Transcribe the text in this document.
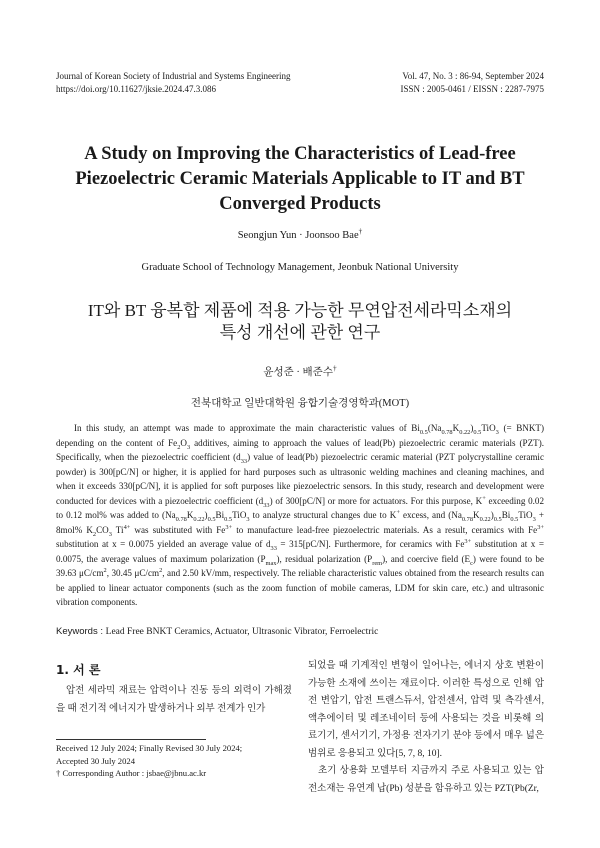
Journal of Korean Society of Industrial and Systems Engineering
https://doi.org/10.11627/jksie.2024.47.3.086
Vol. 47, No. 3 : 86-94, September 2024
ISSN : 2005-0461 / EISSN : 2287-7975
A Study on Improving the Characteristics of Lead-free
Piezoelectric Ceramic Materials Applicable to IT and BT
Converged Products
Seongjun Yun · Joonsoo Bae†
Graduate School of Technology Management, Jeonbuk National University
IT와 BT 융복합 제품에 적용 가능한 무연압전세라믹소재의
특성 개선에 관한 연구
윤성준 · 배준수†
전북대학교 일반대학원 융합기술경영학과(MOT)

In this study, an attempt was made to approximate the main characteristic values of $Bi_{0.5}(Na_{0.78}K_{0.22})_{0.5}TiO_3$ (= BNKT) depending on the content of $Fe_2O_3$ additives, aiming to approach the values of lead(Pb) piezoelectric ceramic materials (PZT). Specifically, when the piezoelectric coefficient $(d_{33})$ value of lead(Pb) piezoelectric ceramic material (PZT polycrystalline ceramic powder) is 300[pC/N] or higher, it is applied for hard purposes such as ultrasonic welding machines and cleaning machines, and when it exceeds 330[pC/N], it is applied for soft purposes like piezoelectric sensors. In this study, research and development were conducted for devices with a piezoelectric coefficient $(d_{33})$ of 300[pC/N] or more for actuators. For this purpose, K+ exceeding 0.02 to 0.12 mol% was added to $(Na_{0.78}K_{0.22})_{0.5}Bi_{0.5}TiO_3$ to analyze structural changes due to K+ excess, and $(Na_{0.78}K_{0.22})_{0.5}Bi_{0.5}TiO_3 + 8mol\%$ $K_2CO_3$ $Ti^{4+}$ was substituted with $Fe^{3+}$ to manufacture lead-free piezoelectric materials. As a result, ceramics with $Fe^{3+}$ substitution at x = 0.0075 yielded an average value of $d_{33} = 315[pC/N]$. Furthermore, for ceramics with $Fe^{3+}$ substitution at x = 0.0075, the average values of maximum polarization $(P_{max})$, residual polarization $(P_{rem})$, and coercive field $(E_c)$ were found to be 39.63 $\mu C/cm^2$, 30.45 $\mu C/cm^2$, and 2.50 kV/mm, respectively. The reliable characteristic values obtained from the research results can be applied to linear actuator components (such as the zoom function of mobile cameras, LDM for skin care, etc.) and ultrasonic vibration components.

Keywords : Lead Free BNKT Ceramics, Actuator, Ultrasonic Vibrator, Ferroelectric
1. 서 론

압전 세라믹 재료는 압력이나 진동 등의 외력이 가해졌을 때 전기적 에너지가 발생하거나 외부 전계가 인가

Received 12 July 2024; Finally Revised 30 July 2024;
Accepted 30 July 2024
† Corresponding Author : jsbae@jbnu.ac.kr

되었을 때 기계적인 변형이 일어나는, 에너지 상호 변환이 가능한 소재에 쓰이는 재료이다. 이러한 특성으로 인해 압전 변압기, 압전 트랜스듀서, 압전센서, 압력 및 측각센서, 액추에이터 및 레조네이터 등에 사용되는 것을 비롯해 의료기기, 센서기기, 가정용 전자기기 분야 등에서 매우 넓은 범위로 응용되고 있다[5, 7, 8, 10].

초기 상용화 모델부터 지금까지 주로 사용되고 있는 압전소재는 유연계 납(Pb) 성분을 함유하고 있는 PZT(Pb(Zr,
